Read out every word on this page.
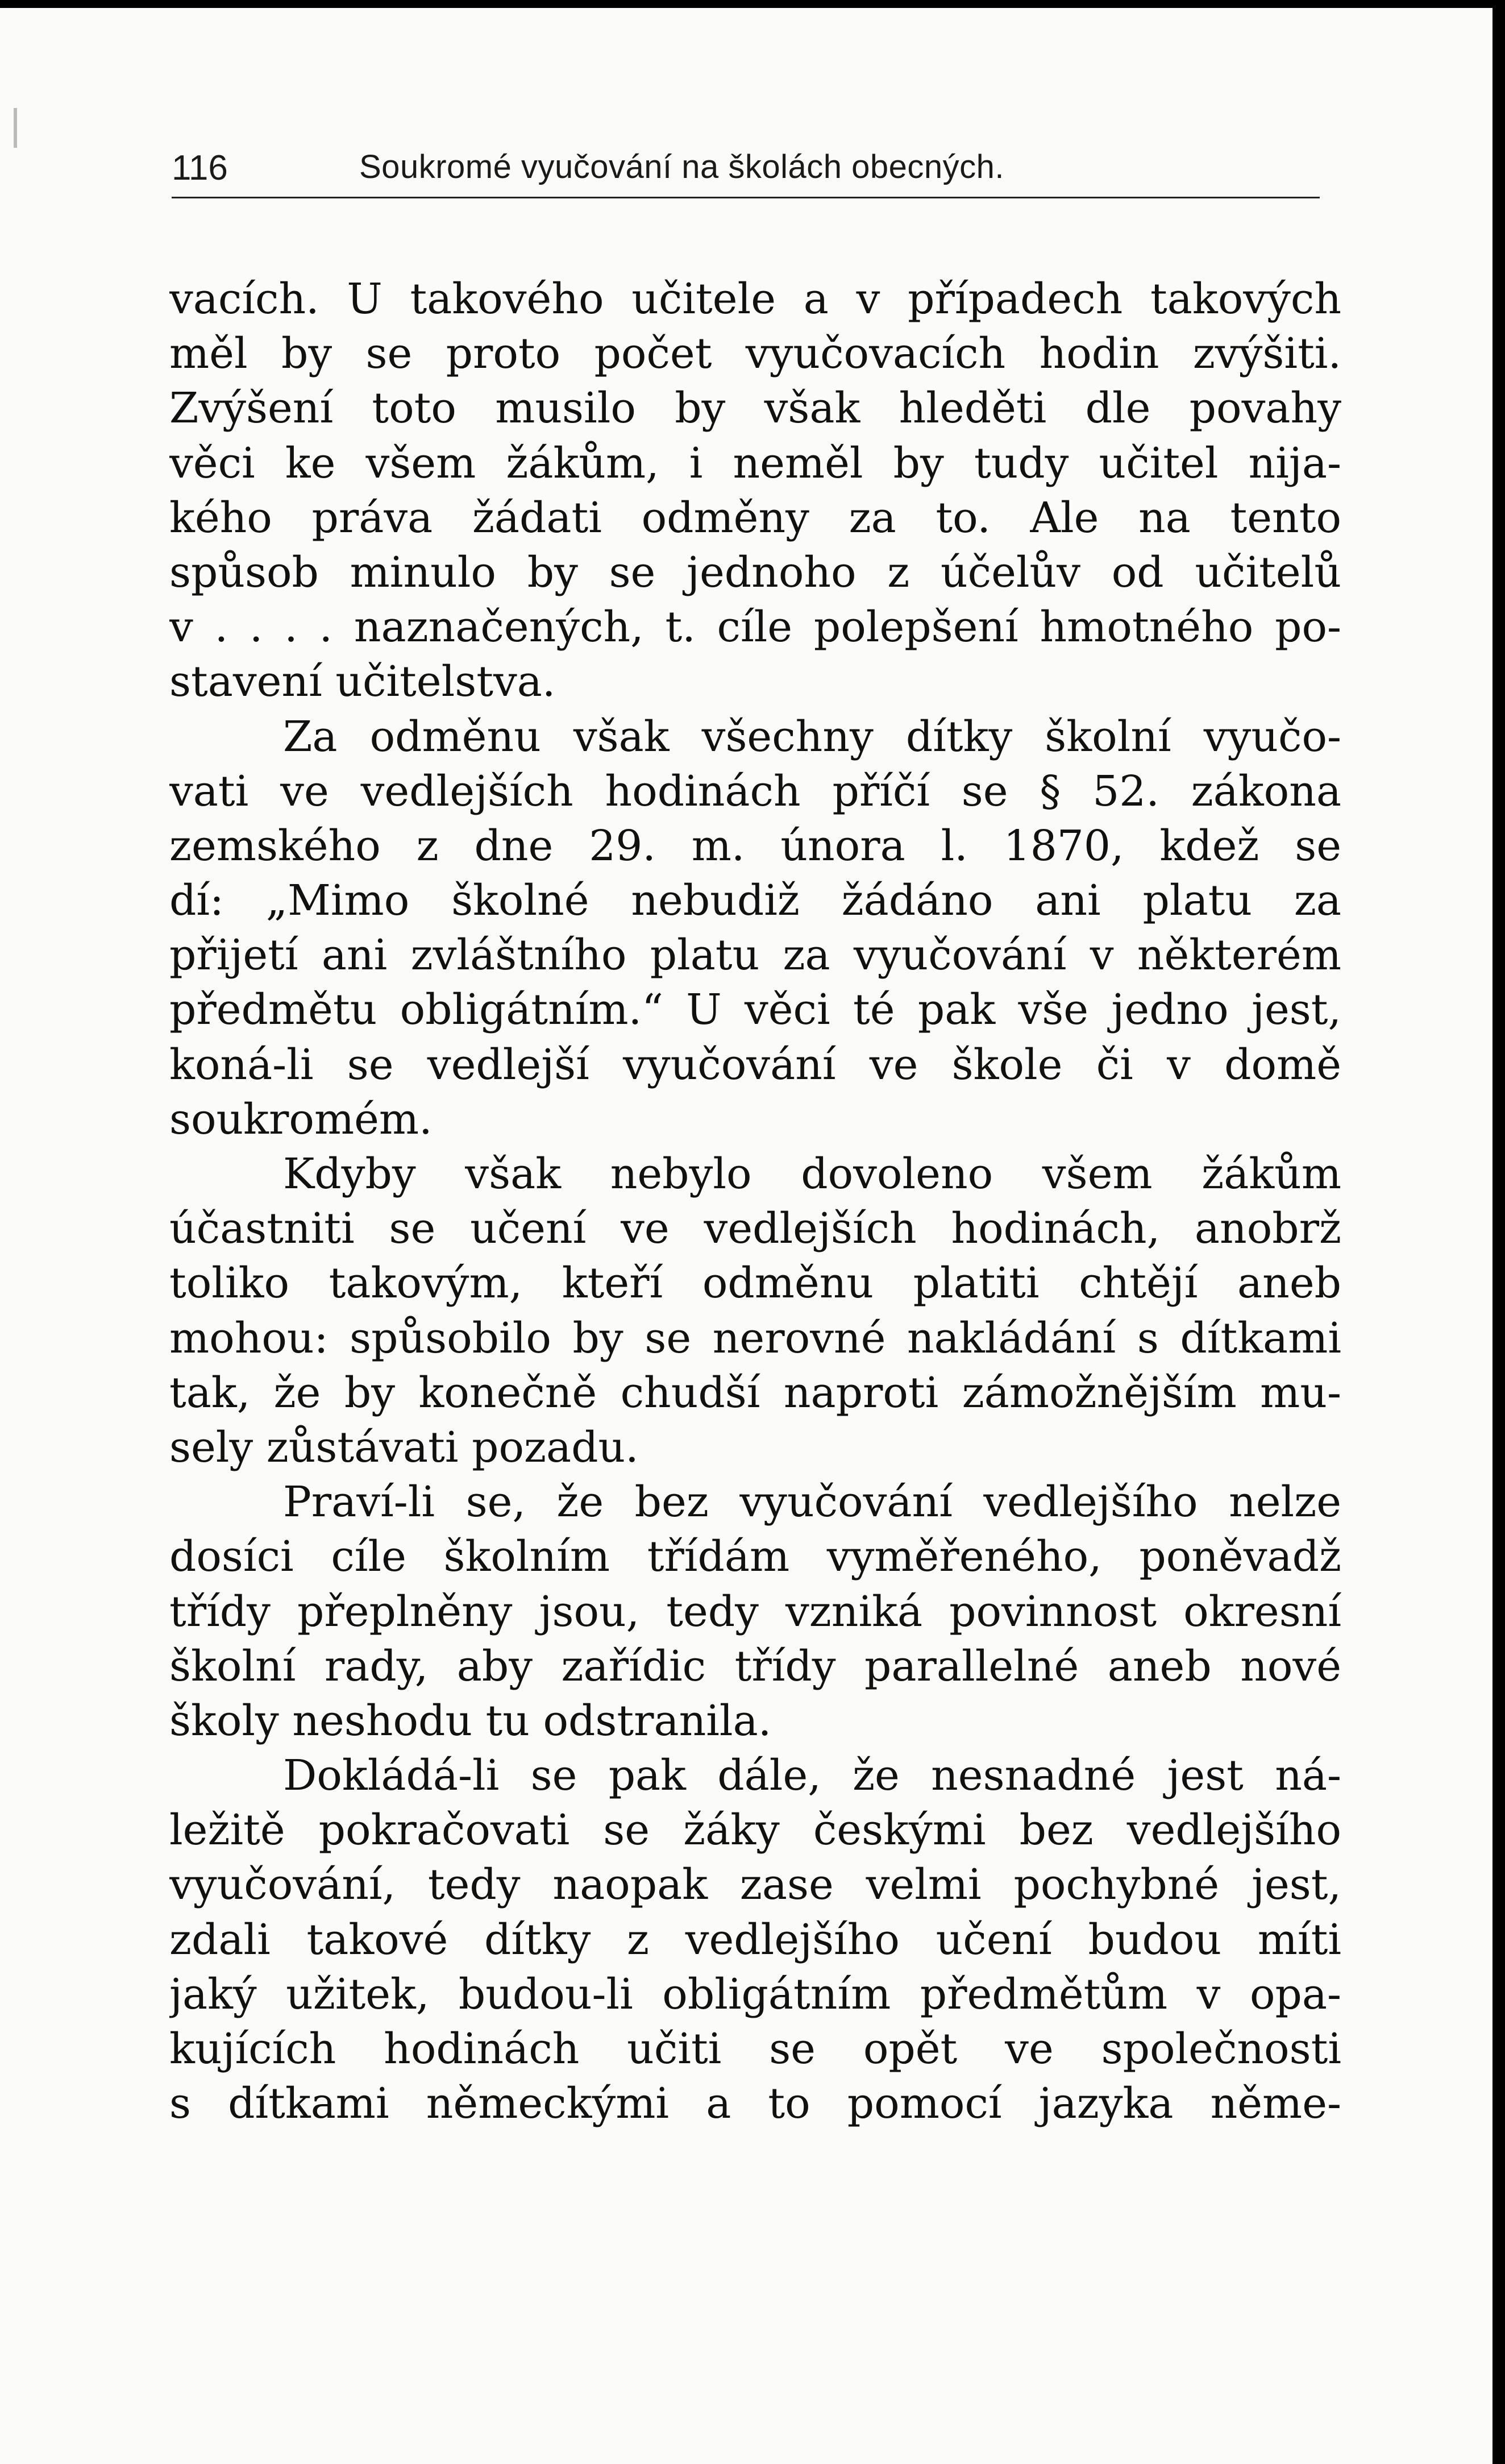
116	Soukromé vyučování na školách obecných.
vacích. U takového učitele a v případech takových
měl by se proto počet vyučovacích hodin zvýšiti.
Zvýšení toto musilo by však hleděti dle povahy
věci ke všem žákům, i neměl by tudy učitel nija-
kého práva žádati odměny za to. Ale na tento
spůsob minulo by se jednoho z účelův od učitelů
v . . . . naznačených, t. cíle polepšení hmotného po-
stavení učitelstva.
Za odměnu však všechny dítky školní vyučo-
vati ve vedlejších hodinách příčí se § 52. zákona
zemského z dne 29. m. února l. 1870, kdež se
dí: „Mimo školné nebudiž žádáno ani platu za
přijetí ani zvláštního platu za vyučování v některém
předmětu obligátním.“ U věci té pak vše jedno jest,
koná-li se vedlejší vyučování ve škole či v domě
soukromém.
Kdyby však nebylo dovoleno všem žákům
účastniti se učení ve vedlejších hodinách, anobrž
toliko takovým, kteří odměnu platiti chtějí aneb
mohou: spůsobilo by se nerovné nakládání s dítkami
tak, že by konečně chudší naproti zámožnějším mu-
sely zůstávati pozadu.
Praví-li se, že bez vyučování vedlejšího nelze
dosíci cíle školním třídám vyměřeného, poněvadž
třídy přeplněny jsou, tedy vzniká povinnost okresní
školní rady, aby zařídic třídy parallelné aneb nové
školy neshodu tu odstranila.
Dokládá-li se pak dále, že nesnadné jest ná-
ležitě pokračovati se žáky českými bez vedlejšího
vyučování, tedy naopak zase velmi pochybné jest,
zdali takové dítky z vedlejšího učení budou míti
jaký užitek, budou-li obligátním předmětům v opa-
kujících hodinách učiti se opět ve společnosti
s dítkami německými a to pomocí jazyka něme-
